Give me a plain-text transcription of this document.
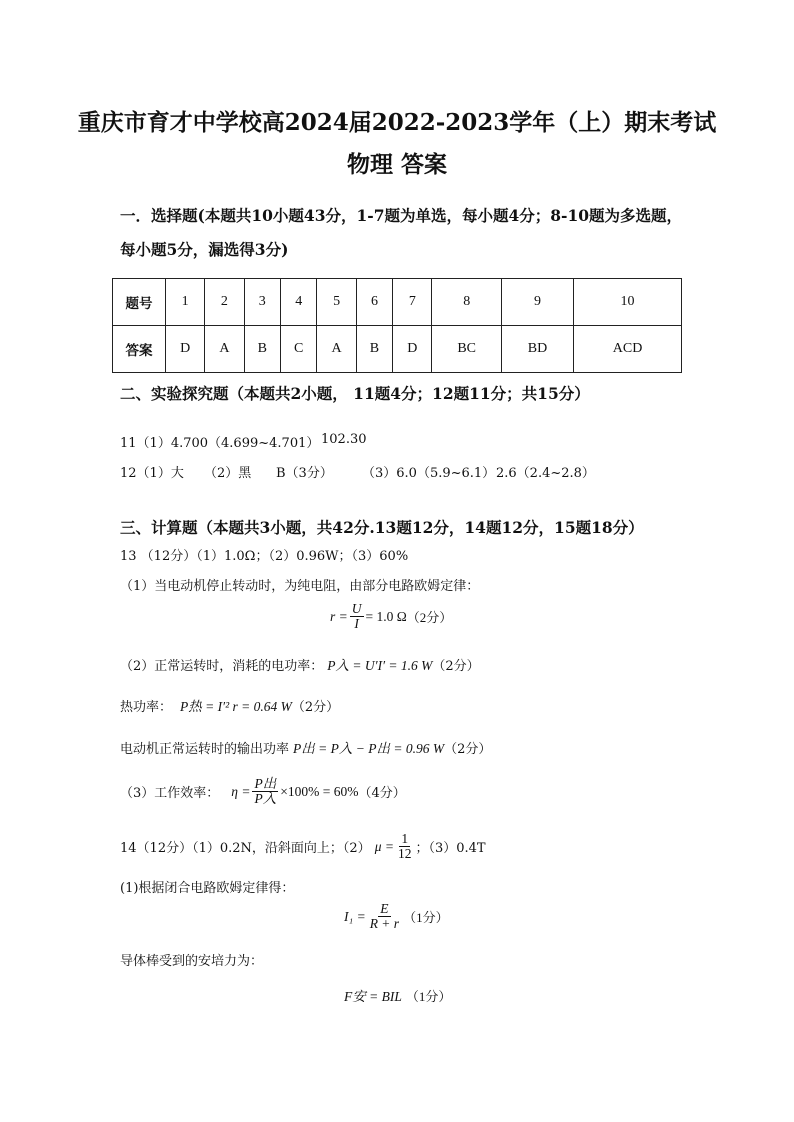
重庆市育才中学校高2024届2022-2023学年（上）期末考试
物理 答案
一．选择题(本题共10小题43分，1-7题为单选，每小题4分；8-10题为多选题，
每小题5分，漏选得3分)
题号	1	2	3	4	5	6	7	8	9	10
答案	D	A	B	C	A	B	D	BC	BD	ACD
二、实验探究题（本题共2小题， 11题4分；12题11分；共15分）
11（1）4.700（4.699~4.701） 102.30
12（1）大 （2）黑 B（3分） （3）6.0（5.9~6.1） 2.6（2.4~2.8）
三、计算题（本题共3小题，共42分.13题12分，14题12分，15题18分）
13 （12分）（1）1.0Ω；（2）0.96W；（3）60%
（1）当电动机停止转动时，为纯电阻，由部分电路欧姆定律：
$r = \frac{U}{I} = 1.0$ Ω （2分）
（2）正常运转时，消耗的电功率： P入 = U′I′ = 1.6 W （2分）
热功率： P热 = I′² r = 0.64 W （2分）
电动机正常运转时的输出功率 P出 = P入 − P出 = 0.96 W （2分）
（3）工作效率： $\eta = \frac{\text{P出}}{\text{P入}} \times 100\% = 60\%$ （4分）
14（12分）（1）0.2N，沿斜面向上；（2） $\mu = \frac{1}{12}$ ；（3）0.4T
(1)根据闭合电路欧姆定律得：
$I_1 = \frac{E}{R + r} (1$分）
导体棒受到的安培力为：
F安 = BIL （1分）
